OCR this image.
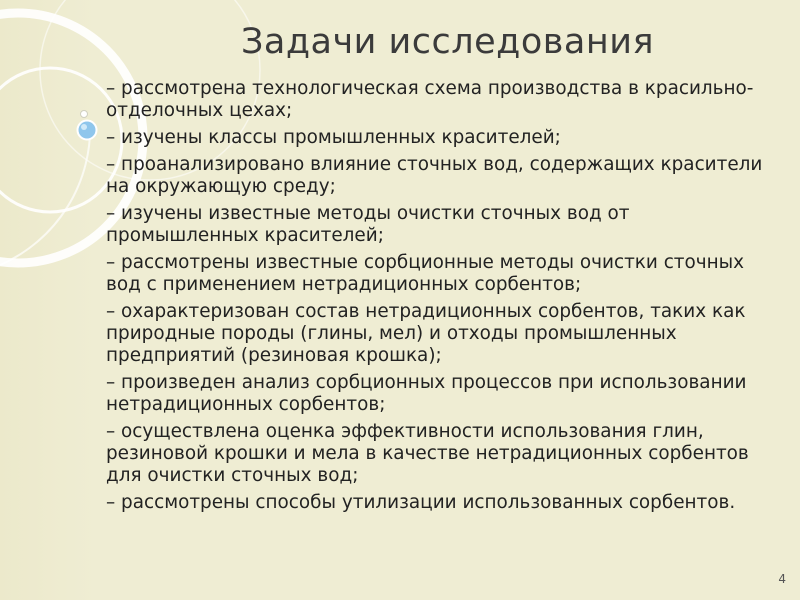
Задачи исследования
– рассмотрена технологическая схема производства в красильно-отделочных цехах;
– изучены классы промышленных красителей;
– проанализировано влияние сточных вод, содержащих красители на окружающую среду;
– изучены известные методы очистки сточных вод от промышленных красителей;
– рассмотрены известные сорбционные методы очистки сточных вод с применением нетрадиционных сорбентов;
– охарактеризован состав нетрадиционных сорбентов, таких как природные породы (глины, мел) и отходы промышленных предприятий (резиновая крошка);
– произведен анализ сорбционных процессов при использовании нетрадиционных сорбентов;
– осуществлена оценка эффективности использования глин, резиновой крошки и мела в качестве нетрадиционных сорбентов для очистки сточных вод;
– рассмотрены способы утилизации использованных сорбентов.
4
